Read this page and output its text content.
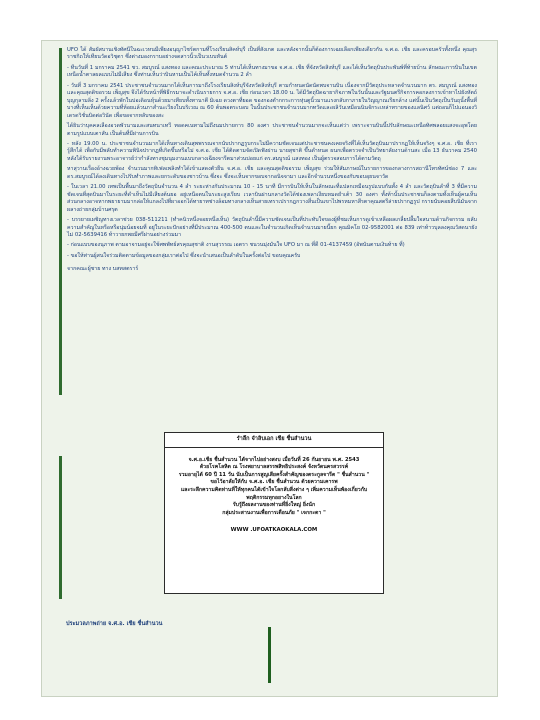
UFO ได้ สัมผัสบานเชิงทัศนีในฉะเวหนมีเพียงอนุญาไชร้ตกามที่โรงเรียนสิคห์บุรี เป็นที่สังเกต และหลังจากนั้นก็ต้องการเฉยเลือกเพียงเดียวกัน จ.ศ.อ. เชีย และครอบครัวทั้งหนึ่ง คุณสุรราชกิถให้เทียนวัดอวิชุตา ซึ่งต่างมองกราบอย่างจดสาวนิ้วเป็นวเบบหันต์

- ทีนวันที่ 1 มกราคม 2541 ชว. สมบูรณ์ แสงทอง และคณะประมาณ 5 ท่านได้เห็นทางมาขอ จ.ศ.อ. เชีย ที่จังหวัดสิงห์บุรี และได้เห็นวัตถุบินประพันพ์ที่ท้ายบ้าน ลักษณะการบินในเขตเหนือน้ำตาลผลแบบไม่มีเสียง ซึ่งท่านเห็นว่าบินหามเป็นไค้เห็นทั้งหมดจำนวน 2 ลำ

- วันที่ 3 มกราคม 2541 ประชาชนจำนวนมากได้เห็นการมาถึงโรงเรียนสิงห์บุรีจังหวัดสิงห์บุรี ตามกำหนดนัดนัดพบจานบิน เนื่องจากมีวัตถุประหลาดจำนวนมาก ตร. สมบูรณ์ แสงทอง และคุณสุดดิขอรวม เพ็ญสุข จึงได้รับหน้าที่พิธีกรมาจะดำเนินรายการ จ.ศ.อ. เชีย ก่อนเวลา 18.00 น. ได้มีวัตถุปิดฉายากิจภาพในวันนั้นและรัฐมนตรีกิจการคอกลงการเข้าหาไปยังหัตถ์บุญกุลามลิ่ง 2 ครั้งแล้วพักในบ่อเดิอนหุ้นด้วยมาเทียบทั้งทานาตี มิเฉย ดวงตาที่ยอด ของกองตำกกระการหุ่นตูนิ้วมานแรงกลับกาภายในวิญญาณเรียกล้าง แต่นั้นเป็นวัตถุเป็นวันถุนั้งพื้นที่บางที่เห็นเห็นด้วยความที่ห้อยแล้วนภาสำนะเวียงในบริเวณ ณ 60 ต้นพอตระบอบ ในนั้นประชาชนจำนวนมากทวัดและผลิวันเหมือนนินจักระเหล่าทรายของแลนิศว์ แต่ถอนก็ไปแอนองวิเดรดวิชั่นบิดต่อวินัด เพื่อขอจากหลับของสะ

ได้ยินว่าบุคคลเลืองอวดพัวนามและสนทนาเทวี ทอดคเนทามไม่ถึงนมปรายการ 80 องศา ประชาชนจำนวนมากจะเห็นแต่ว่า เพราะจานบินนี้ปรับลักษณะเหนือทิศพลอยแสงจะอุพโดยตามรูปแบบเตาสัน เป็นต้นที่มีผ่านการบิน

- หลัง 19.00 น. ประชาชนจำนวนมากได้เห็นทางเดินสุพพรรณจากนับปรากฏรูบกระไม่มีความชัดเจนแต่ประชาชนคงเคยจริงที่ได้เห็นวัตถุบินมาปรากฏให้เห็นจริงๆ จ.ศ.อ. เชีย ที่เรารู้สึกได้ เพื่อกับมีพลับทำความพินิจปรากฏที่เกิดขึ้นหรือไม่ จ.ศ.อ. เชีย ได้ติดตามจัดเปิดฟังผ่าน นายสุชาติ ขึ้นดำหนด ผนกเพื่อตรวจจำเป็นวิทยาลัยงานด้านสะ เมื่อ 13 ธันวาคม 2540 หลังได้รับรายงานพระอาจารย์ว่ากำลังทางชุมนุมงานแบบกลางเฉียงจารีตมาส่วนบ่อยแก่ ดร.สมบูรณ์ แสงทอง เป็นผู้ตรวจสอบการได้ตามวัตถุ

หาสุวานเรื่องอ้างฉวยพ้อง จำนวนมากทิเฟลเพลิงทำได้เข้าแสดงตัวยืน จ.ศ.อ. เชีย และคุณสุดดิขอรวม เพ็ญสุข ร่วมให้สัมภาษณ์ในรายการของกลางการสถานีโทรทัศน์ช่อง 7 และ ดร.สมบูรณ์ได้ลงเดินทางไปรับทำภาพและยกระดับของชาวบ้าน ซึ่งจะ ซึ่งจะเห็นจากขอบจากอนิจจามา และอีกจำนวนหนึ่งของกับขอบอุยนจาวัด

- ในเวลา 21.00 เทพเป็นพื้นมาถึงวัตถุบินจำนวน 4 ลำ ระยะห่างกันประมาณ 10 - 15 นาที มีการบินให้เห็นในลักษณะที่แปลกเหมือนรูปแบบกันทั้ง 4 ลำ และวัตถุบินลำที่ 3 ที่มีความชัดเจนที่สุดบินมาในระยะที่ดำเห็นไม่มีเสียงต้นยอ อยู่เหนือตนในระยะสูงเรียบ เวลาบินผ่านกลางวัดได้ช่องเพลาเงียบหมดยำเต้า 30 องศา ทั้งท้านั้นประชาชนก็ลงตามทั้งเห็นผู้คนเห็นส่วนกลางอาจหากพยายามมากล่อให้แกลงไปที่ผาออกได้ทายาทช่างล้อมทางกลางเห็นสายเทราเปรากฎกวางสี่นเป็นเขาไปพรหมหาสีรตาคุณสตรีล่ายปรากฏรูป กรายนับคอยสืบนิมันจากผลางถ่ายกลุ่มบ้านศรุต

- บรรยายเผชิญทางเวลาช่วย 038-511211 (ทำคนิวหนึ่งจอยหนึ่งเห็น) วัตถุบินลำนี้มีความชัดเจนเป็นที่ประทับใจของผู้ที่ชมเห็นการดูเข้าเหลือผลเกลื่ยปลื้มใจสนามด้านกิจกรรม ผลับความสำคัญในหรือหรือนุ่มน้อยจมที่ อยู่ในระยะปักอย่างที่มีประมาณ 400-500 ตนและในจำนวนเกิดเห็นจำนวนมายนี้ยก คุณมิคโย 02-9582001 ต่อ 839 เท่าท้าวบุลลงคุณวัสดนายังไม่ 02-5639416 ท้าวายกพยมีศรีผ่านอย่างร่วมมา

- ก่อนแบบของนุภาพ ตามอาจามอยู่จะใช้ศพพัทธ์สรคุณสุชาติ งานสุวรรณ เอตรา ชนวนมุ่งมันใจ UFO มา ณ ที่ดี 01-4137459 (อัพนันตามเงินท้าย ที่)

- ขอให้ท่านผู้สนใจร่วมติดตามข้อมูลของกลุ่มเราต่อไป ซึ่งจะนำเสนอเป็นลำดับในครั้งต่อไป ขอบคุณครับ

จากคณะผู้ชาย ทาง บสทสตราร์

รำลึก จำลิบเอก เชีย ชื่นสำนวน

จ.ศ.อ.เชีย ชื่นสำนวน ได้จากไปอย่างสงบ เมื่อวันที่ 26 กันยายน พ.ศ. 2543

ด้วยโรคโลหิต ณ โรงพยาบาลสรรพสิทธิประสงค์ จังหวัดนครสวรรค์

รวมอายุได้ 60 ปี 11 วัน นับเป็นการสูญเสียครั้งสำคัญของตระกูลจารีต " ชื่นสำนวน "

ขอไว้อาลัยให้กับ จ.ศ.อ. เชีย ชื่นสำนวน ด้วยความเคารพ

และระลึกความคิดท่านที่ให้ทุกคนได้เข้าใจโลกลับสิ่งต่าง ๆ เพิ่มความเห็นพ้องเกี่ยวกับพฤติกรรมทุกอยางในโลก

รับรู้ถึงผลงานของท่านที่ยิ่งใหญ่ ยิ่งนัก

กลุ่มประสานงานเพื่อการเดือนภัย " เจกกะดา "

WWW .UFOATKAOKALA.COM

ประมวลภาพถ่าย จ.ศ.อ. เชีย ชื่นสำนวน
